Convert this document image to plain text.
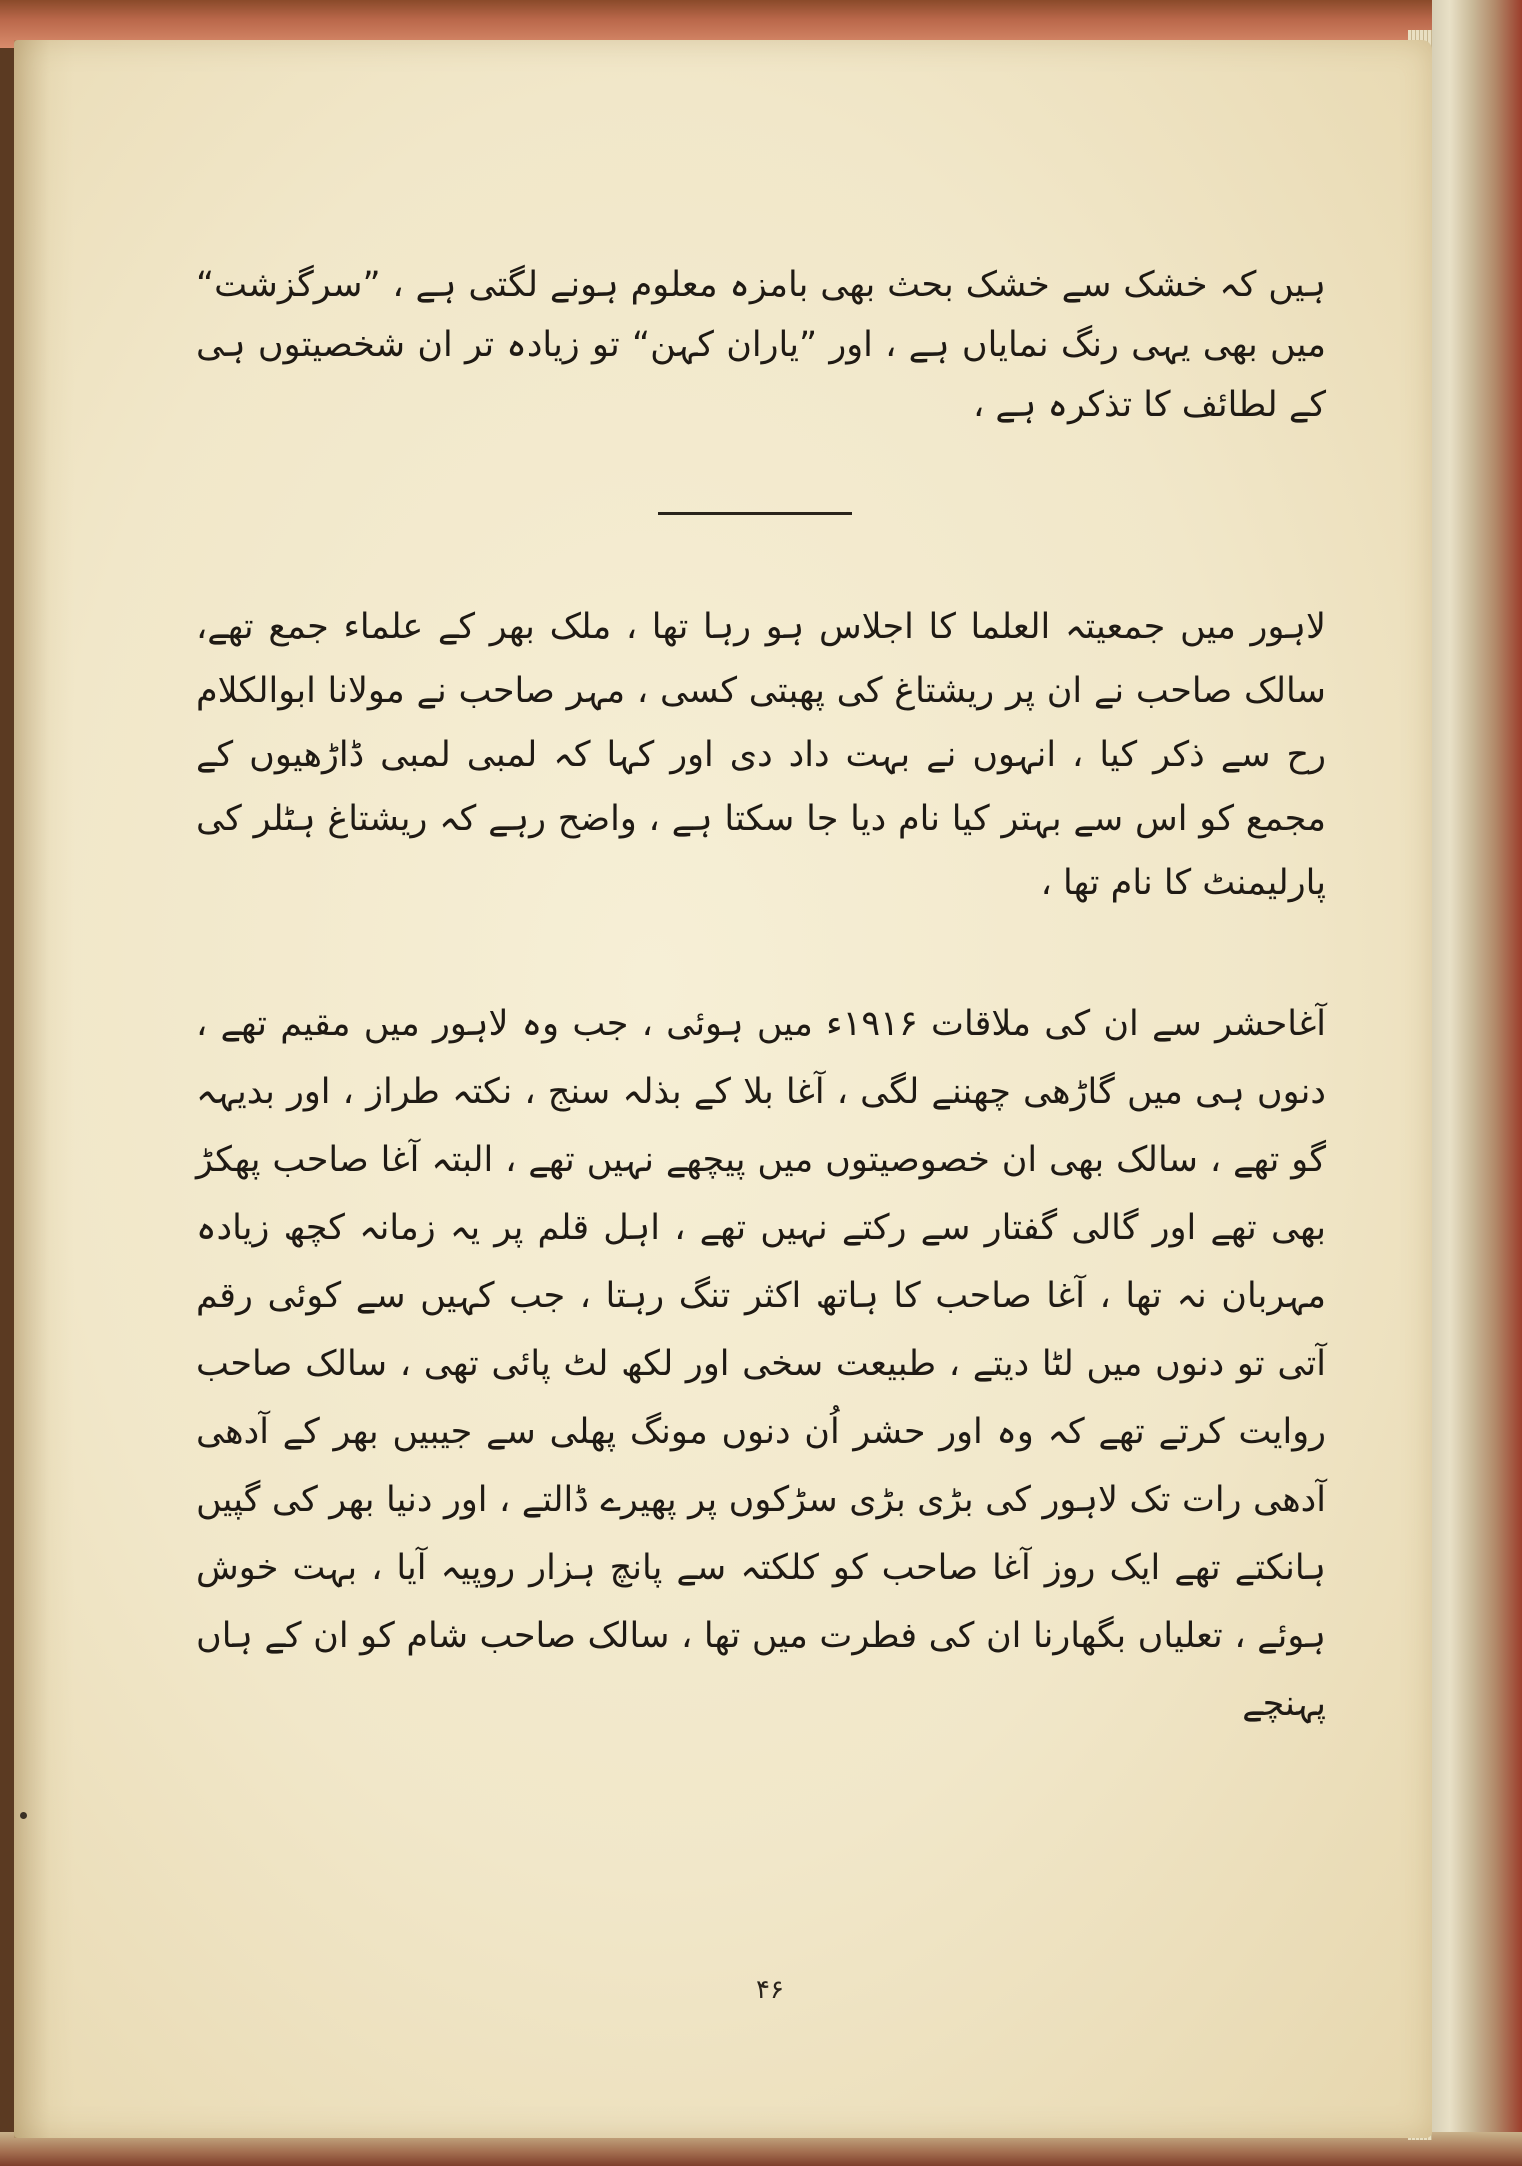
ہیں کہ خشک سے خشک بحث بھی بامزہ معلوم ہونے لگتی ہے ، ”سرگزشت“ میں بھی یہی رنگ نمایاں ہے ، اور ”یاران کہن“ تو زیادہ تر ان شخصیتوں ہی کے لطائف کا تذکرہ ہے ،
لاہور میں جمعیتہ العلما کا اجلاس ہو رہا تھا ، ملک بھر کے علماء جمع تھے، سالک صاحب نے ان پر ریشتاغ کی پھبتی کسی ، مہر صاحب نے مولانا ابوالکلام رح سے ذکر کیا ، انہوں نے بہت داد دی اور کہا کہ لمبی لمبی ڈاڑھیوں کے مجمع کو اس سے بہتر کیا نام دیا جا سکتا ہے ، واضح رہے کہ ریشتاغ ہٹلر کی پارلیمنٹ کا نام تھا ،
آغاحشر سے ان کی ملاقات ۱۹۱۶ء میں ہوئی ، جب وہ لاہور میں مقیم تھے ، دنوں ہی میں گاڑھی چھننے لگی ، آغا بلا کے بذلہ سنج ، نکتہ طراز ، اور بدیہہ گو تھے ، سالک بھی ان خصوصیتوں میں پیچھے نہیں تھے ، البتہ آغا صاحب پھکڑ بھی تھے اور گالی گفتار سے رکتے نہیں تھے ، اہل قلم پر یہ زمانہ کچھ زیادہ مہربان نہ تھا ، آغا صاحب کا ہاتھ اکثر تنگ رہتا ، جب کہیں سے کوئی رقم آتی تو دنوں میں لٹا دیتے ، طبیعت سخی اور لکھ لٹ پائی تھی ، سالک صاحب روایت کرتے تھے کہ وہ اور حشر اُن دنوں مونگ پھلی سے جیبیں بھر کے آدھی آدھی رات تک لاہور کی بڑی بڑی سڑکوں پر پھیرے ڈالتے ، اور دنیا بھر کی گپیں ہانکتے تھے ایک روز آغا صاحب کو کلکتہ سے پانچ ہزار روپیہ آیا ، بہت خوش ہوئے ، تعلیاں بگھارنا ان کی فطرت میں تھا ، سالک صاحب شام کو ان کے ہاں پہنچے
۴۶
